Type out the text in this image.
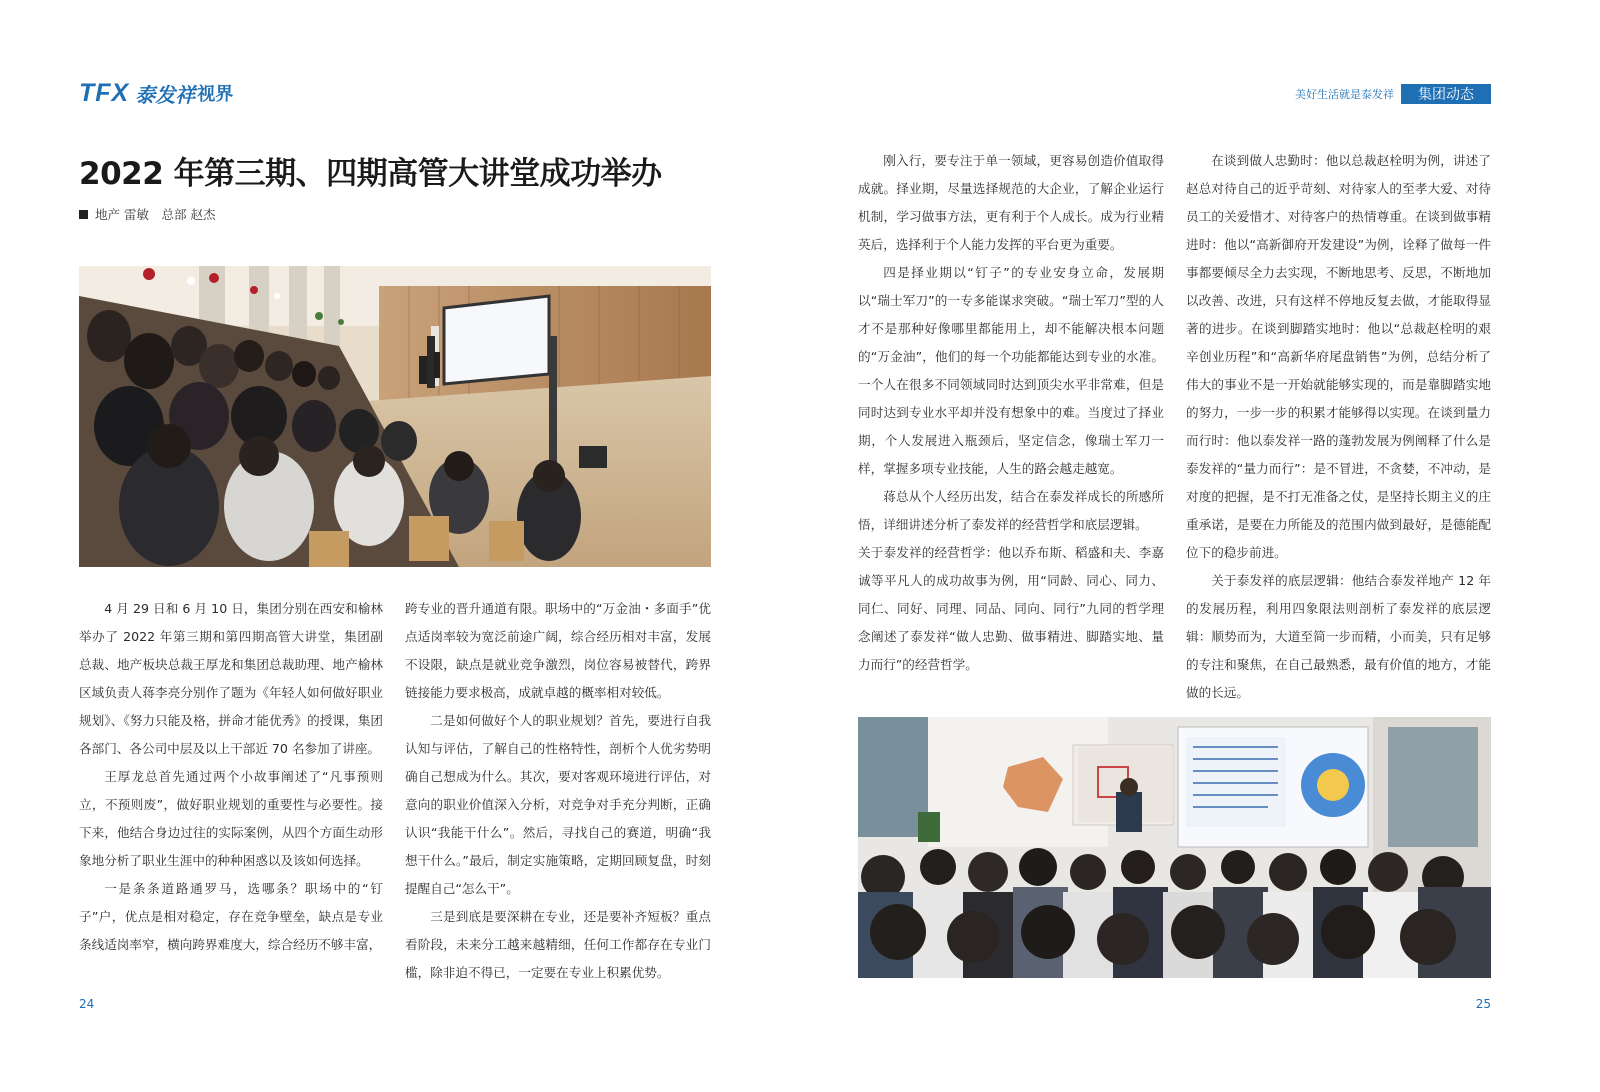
TFX 泰发祥 视界	美好生活就是泰发祥	集团动态
2022 年第三期、四期高管大讲堂成功举办
地产 雷敏　总部 赵杰

4 月 29 日和 6 月 10 日，集团分别在西安和榆林举办了 2022 年第三期和第四期高管大讲堂，集团副总裁、地产板块总裁王厚龙和集团总裁助理、地产榆林区域负责人蒋李亮分别作了题为《年轻人如何做好职业规划》、《努力只能及格，拼命才能优秀》的授课，集团各部门、各公司中层及以上干部近 70 名参加了讲座。

王厚龙总首先通过两个小故事阐述了“凡事预则立，不预则废”，做好职业规划的重要性与必要性。接下来，他结合身边过往的实际案例，从四个方面生动形象地分析了职业生涯中的种种困惑以及该如何选择。

一是条条道路通罗马，选哪条？职场中的“钉子”户，优点是相对稳定，存在竞争壁垒，缺点是专业条线适岗率窄，横向跨界难度大，综合经历不够丰富，

跨专业的晋升通道有限。职场中的“万金油・多面手”优点适岗率较为宽泛前途广阔，综合经历相对丰富，发展不设限，缺点是就业竞争激烈，岗位容易被替代，跨界链接能力要求极高，成就卓越的概率相对较低。

二是如何做好个人的职业规划？首先，要进行自我认知与评估，了解自己的性格特性，剖析个人优劣势明确自己想成为什么。其次，要对客观环境进行评估，对意向的职业价值深入分析，对竞争对手充分判断，正确认识“我能干什么”。然后，寻找自己的赛道，明确“我想干什么。”最后，制定实施策略，定期回顾复盘，时刻提醒自己“怎么干”。

三是到底是要深耕在专业，还是要补齐短板？重点看阶段，未来分工越来越精细，任何工作都存在专业门槛，除非迫不得已，一定要在专业上积累优势。

刚入行，要专注于单一领域，更容易创造价值取得成就。择业期，尽量选择规范的大企业，了解企业运行机制，学习做事方法，更有利于个人成长。成为行业精英后，选择利于个人能力发挥的平台更为重要。

四是择业期以“钉子”的专业安身立命，发展期以“瑞士军刀”的一专多能谋求突破。“瑞士军刀”型的人才不是那种好像哪里都能用上，却不能解决根本问题的“万金油”，他们的每一个功能都能达到专业的水准。一个人在很多不同领域同时达到顶尖水平非常难，但是同时达到专业水平却并没有想象中的难。当度过了择业期，个人发展进入瓶颈后，坚定信念，像瑞士军刀一样，掌握多项专业技能，人生的路会越走越宽。

蒋总从个人经历出发，结合在泰发祥成长的所感所悟，详细讲述分析了泰发祥的经营哲学和底层逻辑。

关于泰发祥的经营哲学：他以乔布斯、稻盛和夫、李嘉诚等平凡人的成功故事为例，用“同龄、同心、同力、同仁、同好、同理、同品、同向、同行”九同的哲学理念阐述了泰发祥“做人忠勤、做事精进、脚踏实地、量力而行”的经营哲学。

在谈到做人忠勤时：他以总裁赵栓明为例，讲述了赵总对待自己的近乎苛刻、对待家人的至孝大爱、对待员工的关爱惜才、对待客户的热情尊重。在谈到做事精进时：他以“高新御府开发建设”为例，诠释了做每一件事都要倾尽全力去实现，不断地思考、反思，不断地加以改善、改进，只有这样不停地反复去做，才能取得显著的进步。在谈到脚踏实地时：他以“总裁赵栓明的艰辛创业历程”和“高新华府尾盘销售”为例，总结分析了伟大的事业不是一开始就能够实现的，而是靠脚踏实地的努力，一步一步的积累才能够得以实现。在谈到量力而行时：他以泰发祥一路的蓬勃发展为例阐释了什么是泰发祥的“量力而行”：是不冒进，不贪婪，不冲动，是对度的把握，是不打无准备之仗，是坚持长期主义的庄重承诺，是要在力所能及的范围内做到最好，是德能配位下的稳步前进。

关于泰发祥的底层逻辑：他结合泰发祥地产 12 年的发展历程，利用四象限法则剖析了泰发祥的底层逻辑：顺势而为，大道至简一步而精，小而美，只有足够的专注和聚焦，在自己最熟悉，最有价值的地方，才能做的长远。

24	25
